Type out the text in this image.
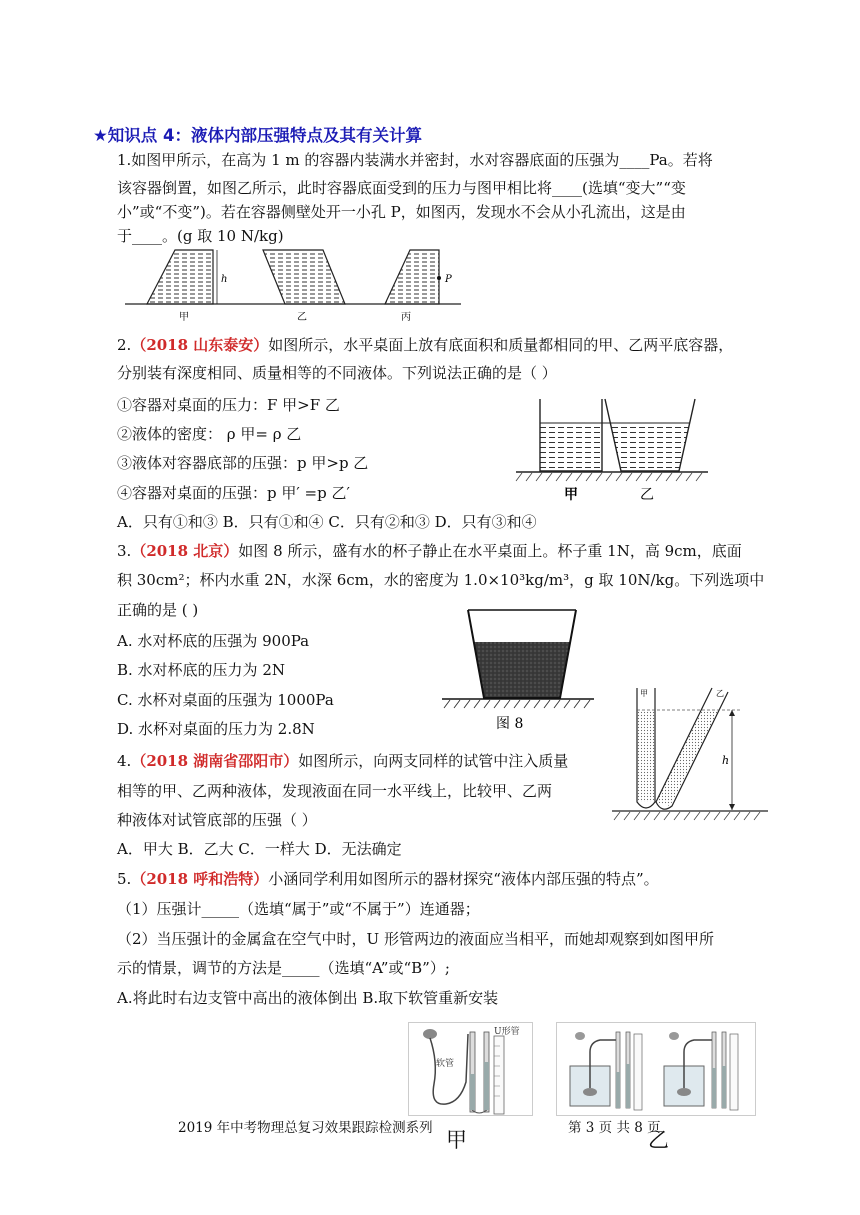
★知识点 4：液体内部压强特点及其有关计算
1.如图甲所示，在高为 1 m 的容器内装满水并密封，水对容器底面的压强为____Pa。若将
该容器倒置，如图乙所示，此时容器底面受到的压力与图甲相比将____(选填“变大”“变
小”或“不变”)。若在容器侧壁处开一小孔 P，如图丙，发现水不会从小孔流出，这是由
于____。(g 取 10 N/kg)
h	P
甲	乙	丙
2.（2018 山东泰安）如图所示，水平桌面上放有底面积和质量都相同的甲、乙两平底容器，
分别装有深度相同、质量相等的不同液体。下列说法正确的是（ ）
①容器对桌面的压力：F 甲>F 乙
②液体的密度： ρ 甲= ρ 乙
③液体对容器底部的压强：p 甲>p 乙
④容器对桌面的压强：p 甲′ =p 乙′
A．只有①和③ B．只有①和④ C．只有②和③ D．只有③和④
甲	乙
3.（2018 北京）如图 8 所示，盛有水的杯子静止在水平桌面上。杯子重 1N，高 9cm，底面
积 30cm²；杯内水重 2N，水深 6cm，水的密度为 1.0×10³kg/m³，g 取 10N/kg。下列选项中
正确的是 ( )
A. 水对杯底的压强为 900Pa
B. 水对杯底的压力为 2N
C. 水杯对桌面的压强为 1000Pa
D. 水杯对桌面的压力为 2.8N	图 8
4.（2018 湖南省邵阳市）如图所示，向两支同样的试管中注入质量
相等的甲、乙两种液体，发现液面在同一水平线上，比较甲、乙两
种液体对试管底部的压强（ ）
A．甲大 B．乙大 C．一样大 D．无法确定
h
甲	乙
5.（2018 呼和浩特）小涵同学利用如图所示的器材探究“液体内部压强的特点”。
（1）压强计_____（选填“属于”或“不属于”）连通器；
（2）当压强计的金属盒在空气中时，U 形管两边的液面应当相平，而她却观察到如图甲所
示的情景，调节的方法是_____（选填“A”或“B”）;
A.将此时右边支管中高出的液体倒出 B.取下软管重新安装
软管
U形管
2019 年中考物理总复习效果跟踪检测系列	第 3 页 共 8 页
甲	乙
